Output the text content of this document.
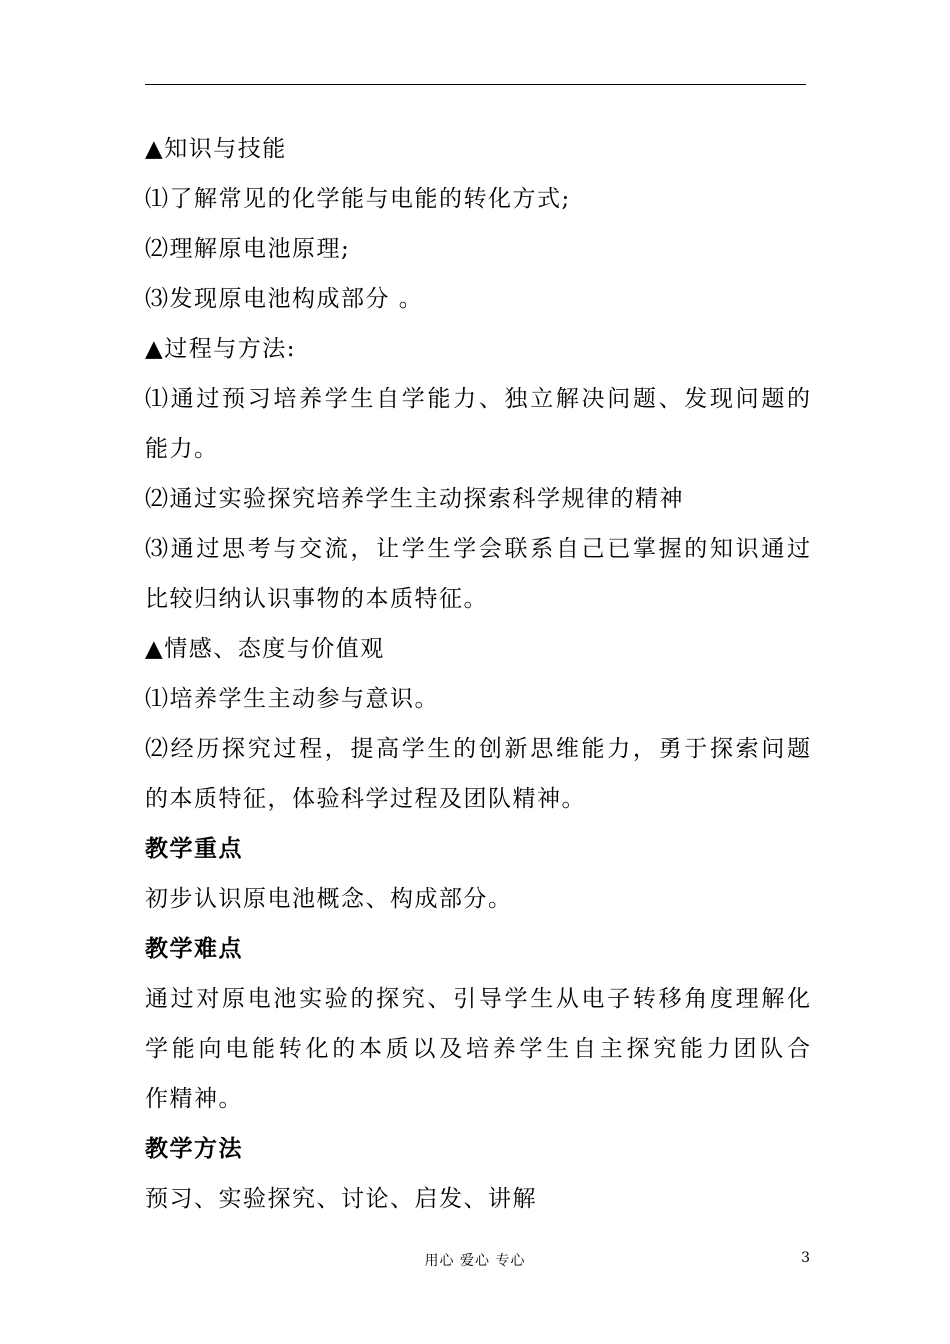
▲知识与技能
⑴了解常见的化学能与电能的转化方式;
⑵理解原电池原理;
⑶发现原电池构成部分 。
▲过程与方法:
⑴通过预习培养学生自学能力、独立解决问题、发现问题的
能力。
⑵通过实验探究培养学生主动探索科学规律的精神
⑶通过思考与交流，让学生学会联系自己已掌握的知识通过
比较归纳认识事物的本质特征。
▲情感、态度与价值观
⑴培养学生主动参与意识。
⑵经历探究过程，提高学生的创新思维能力，勇于探索问题
的本质特征，体验科学过程及团队精神。
教学重点
初步认识原电池概念、构成部分。
教学难点
通过对原电池实验的探究、引导学生从电子转移角度理解化
学能向电能转化的本质以及培养学生自主探究能力团队合
作精神。
教学方法
预习、实验探究、讨论、启发、讲解
用心 爱心 专心	3
